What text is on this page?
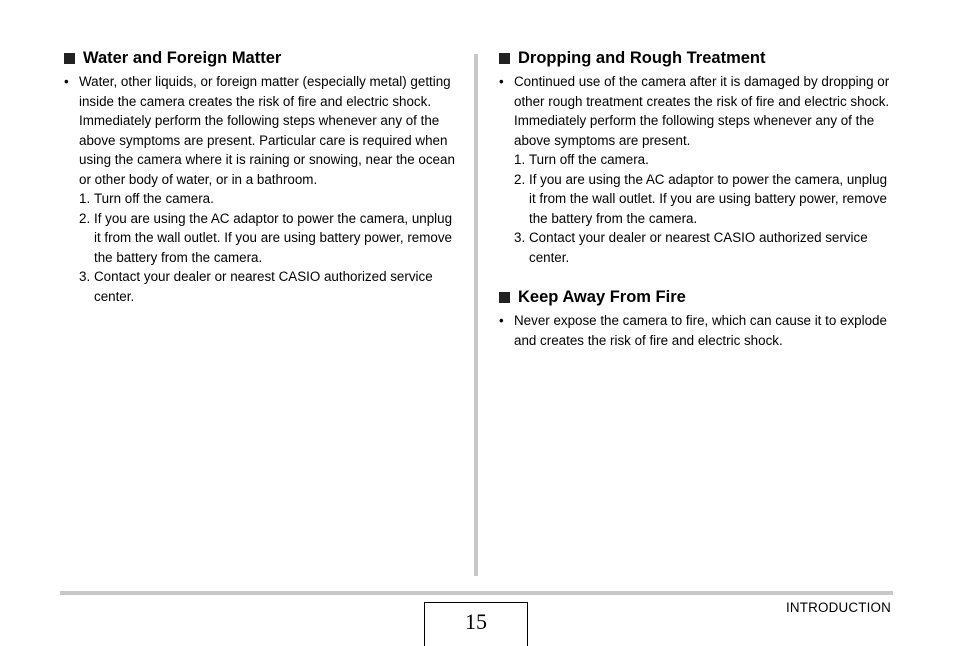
Water and Foreign Matter

• Water, other liquids, or foreign matter (especially metal) getting inside the camera creates the risk of fire and electric shock. Immediately perform the following steps whenever any of the above symptoms are present. Particular care is required when using the camera where it is raining or snowing, near the ocean or other body of water, or in a bathroom.

1. Turn off the camera.
2. If you are using the AC adaptor to power the camera, unplug it from the wall outlet. If you are using battery power, remove the battery from the camera.
3. Contact your dealer or nearest CASIO authorized service center.
Dropping and Rough Treatment

• Continued use of the camera after it is damaged by dropping or other rough treatment creates the risk of fire and electric shock. Immediately perform the following steps whenever any of the above symptoms are present.

1. Turn off the camera.
2. If you are using the AC adaptor to power the camera, unplug it from the wall outlet. If you are using battery power, remove the battery from the camera.
3. Contact your dealer or nearest CASIO authorized service center.
Keep Away From Fire

• Never expose the camera to fire, which can cause it to explode and creates the risk of fire and electric shock.

15
INTRODUCTION
